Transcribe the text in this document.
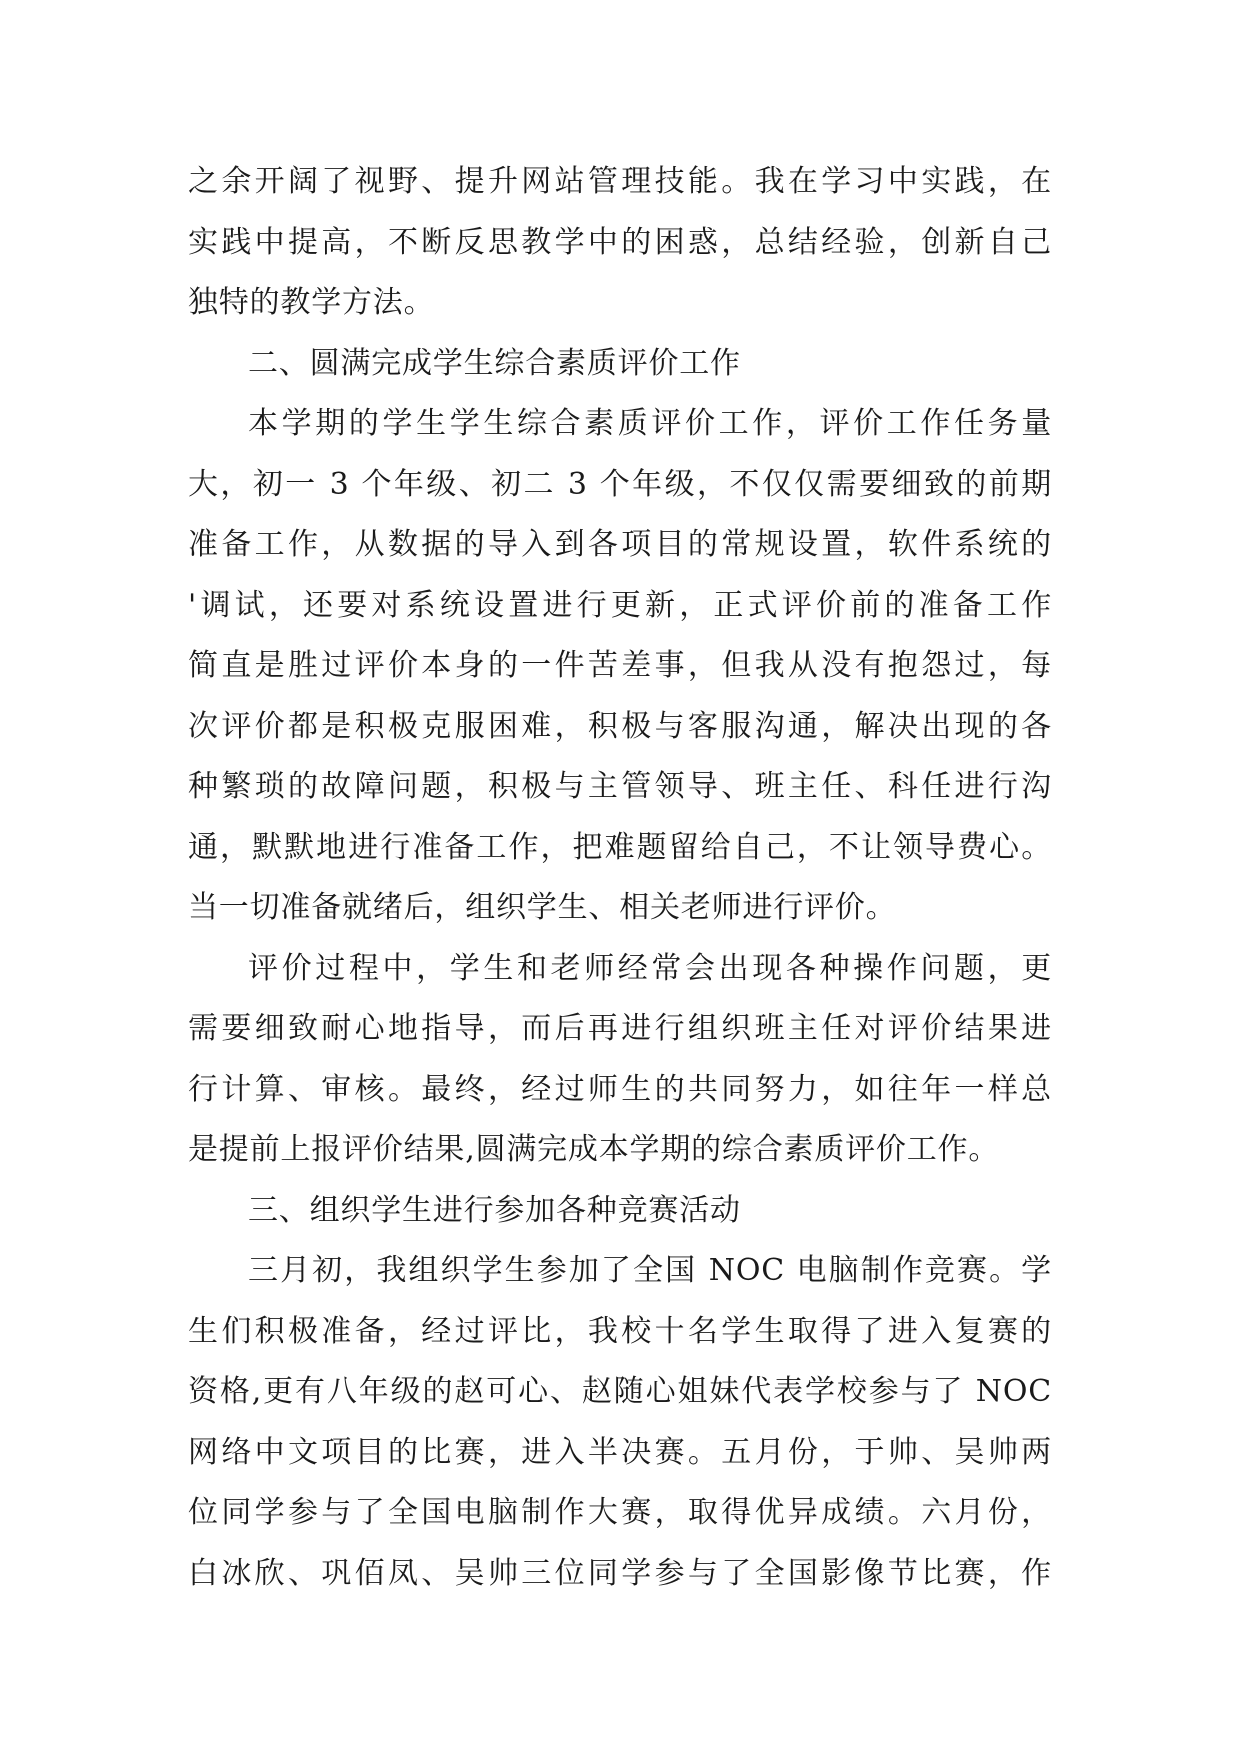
之余开阔了视野、提升网站管理技能。我在学习中实践，在
实践中提高，不断反思教学中的困惑，总结经验，创新自己
独特的教学方法。
二、圆满完成学生综合素质评价工作
本学期的学生学生综合素质评价工作，评价工作任务量
大，初一 3 个年级、初二 3 个年级，不仅仅需要细致的前期
准备工作，从数据的导入到各项目的常规设置，软件系统的
'调试，还要对系统设置进行更新，正式评价前的准备工作
简直是胜过评价本身的一件苦差事，但我从没有抱怨过，每
次评价都是积极克服困难，积极与客服沟通，解决出现的各
种繁琐的故障问题，积极与主管领导、班主任、科任进行沟
通，默默地进行准备工作，把难题留给自己，不让领导费心。
当一切准备就绪后，组织学生、相关老师进行评价。
评价过程中，学生和老师经常会出现各种操作问题，更
需要细致耐心地指导，而后再进行组织班主任对评价结果进
行计算、审核。最终，经过师生的共同努力，如往年一样总
是提前上报评价结果,圆满完成本学期的综合素质评价工作。
三、组织学生进行参加各种竞赛活动
三月初，我组织学生参加了全国 NOC 电脑制作竞赛。学
生们积极准备，经过评比，我校十名学生取得了进入复赛的
资格,更有八年级的赵可心、赵随心姐妹代表学校参与了 NOC
网络中文项目的比赛，进入半决赛。五月份，于帅、吴帅两
位同学参与了全国电脑制作大赛，取得优异成绩。六月份，
白冰欣、巩佰凤、吴帅三位同学参与了全国影像节比赛，作
